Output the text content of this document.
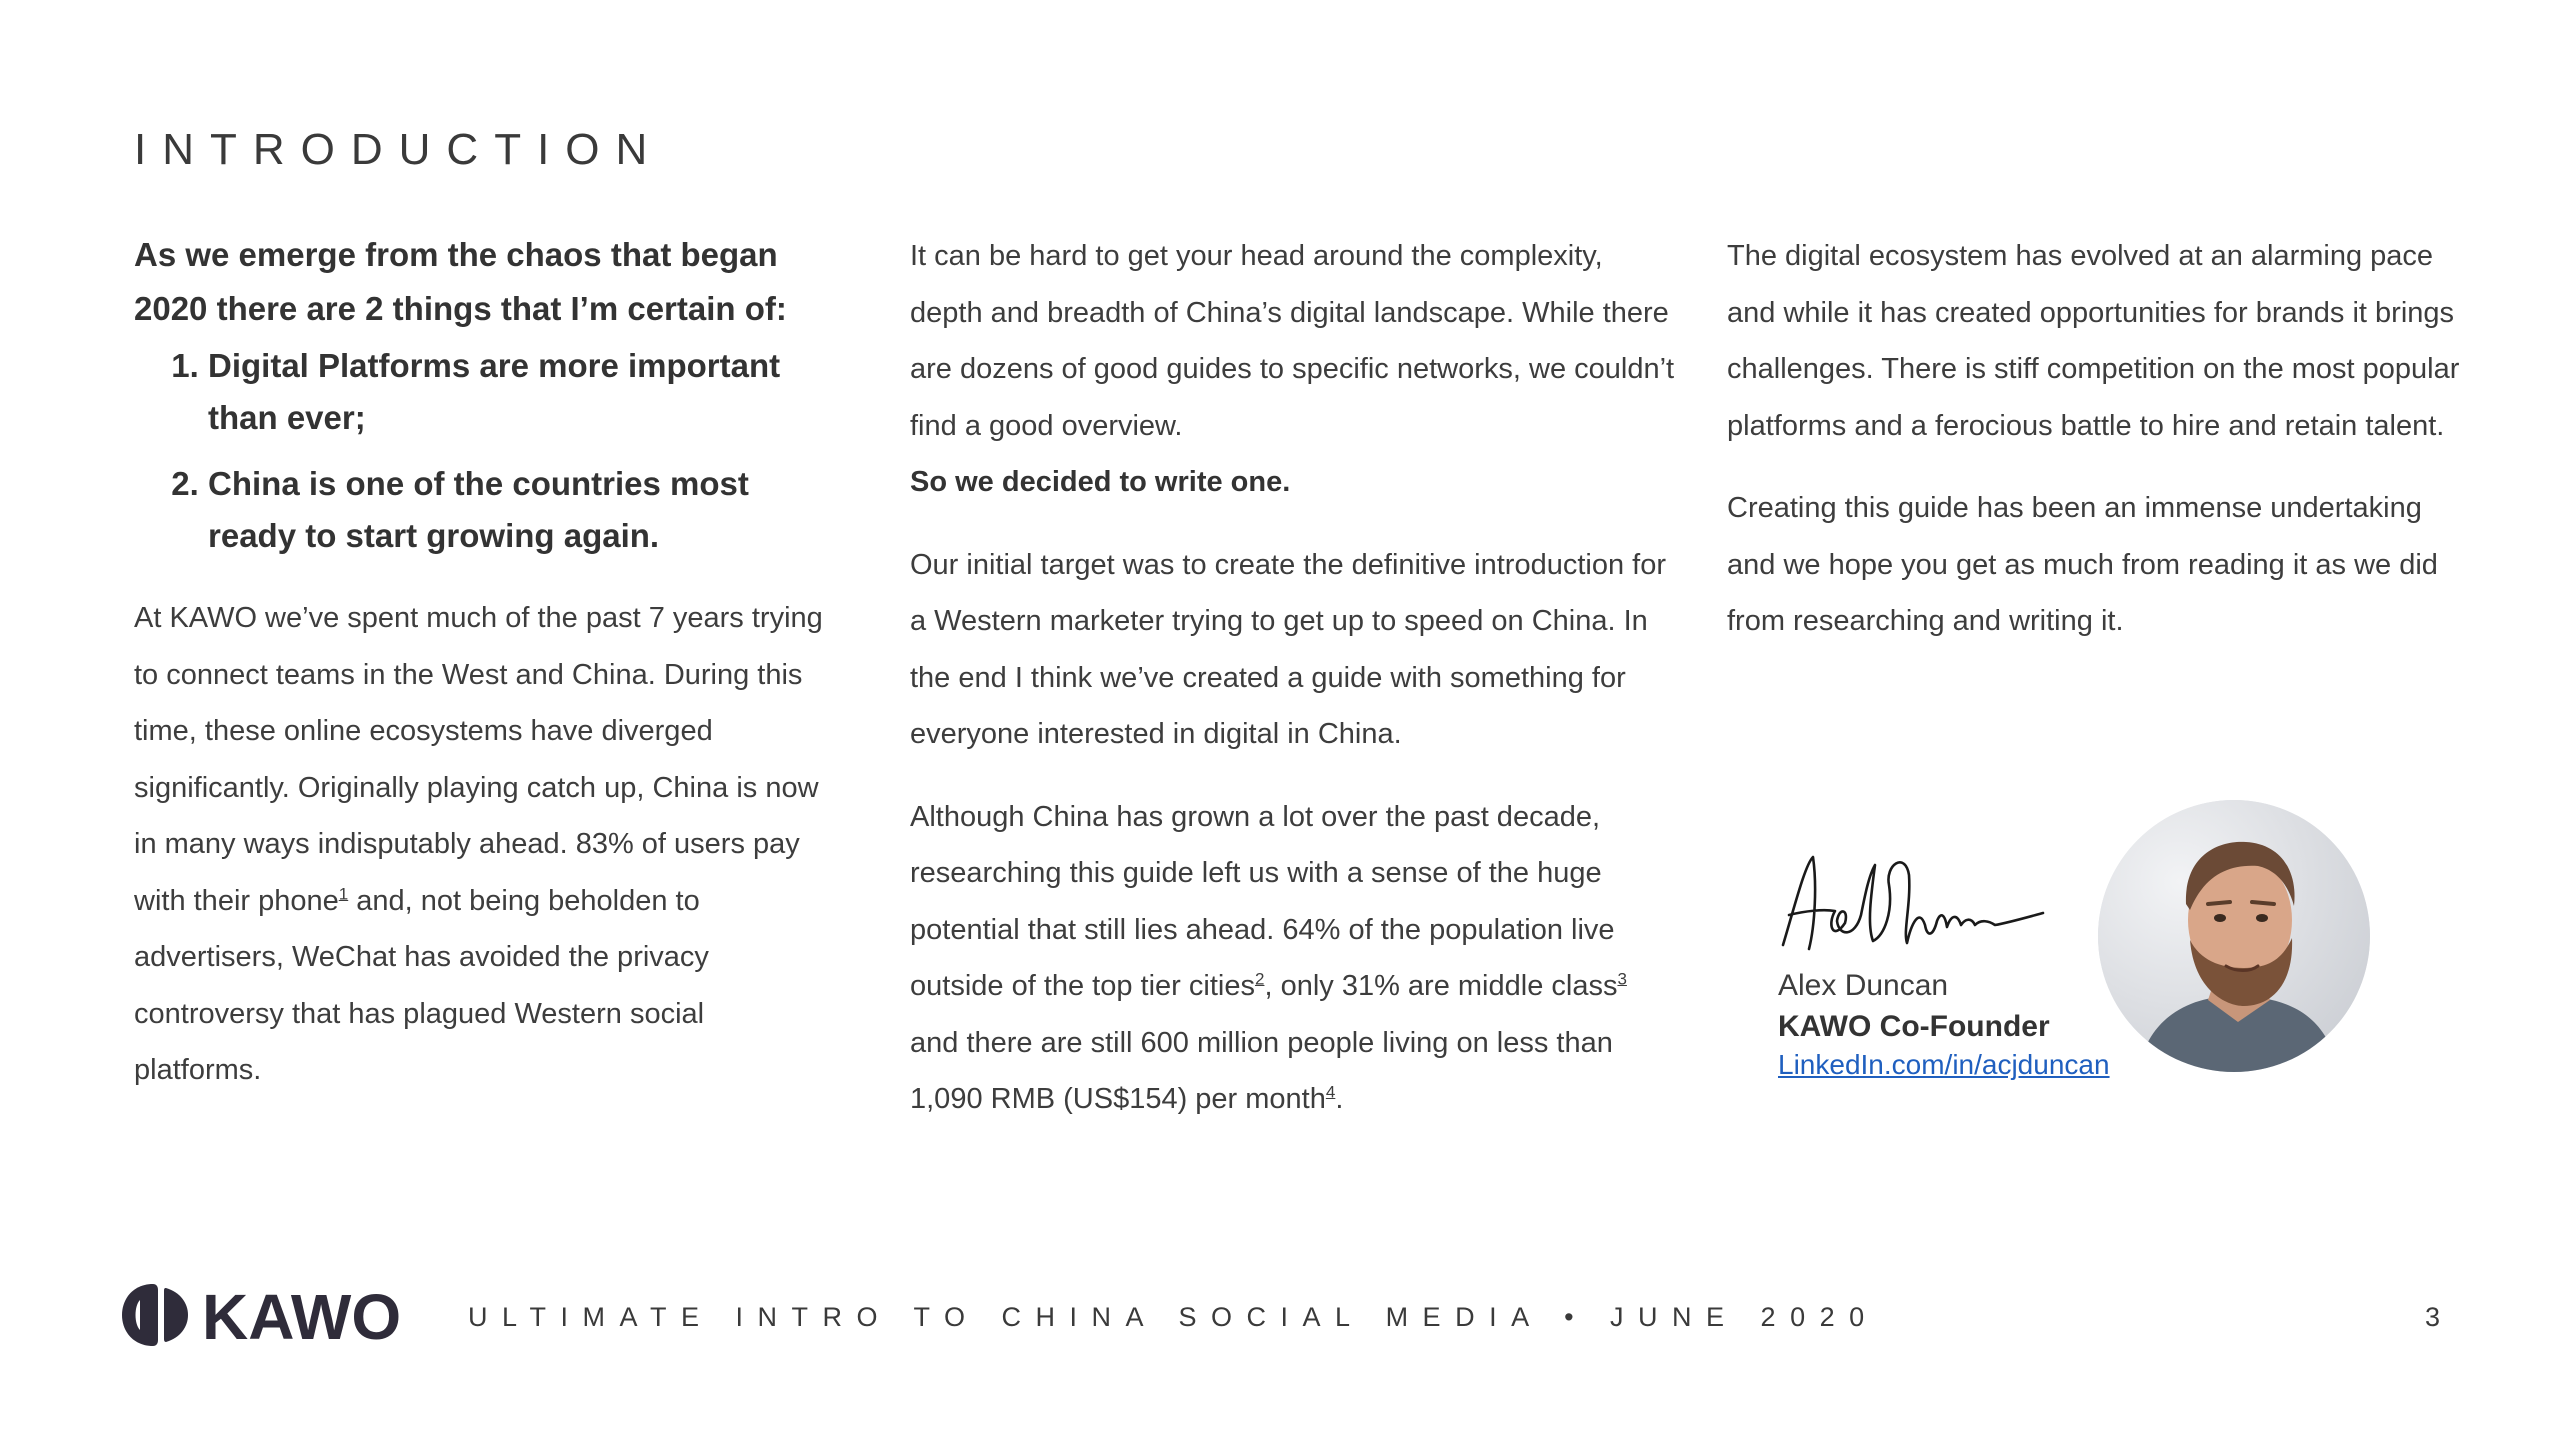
INTRODUCTION

As we emerge from the chaos that began 2020 there are 2 things that I’m certain of:

1. Digital Platforms are more important than ever;
2. China is one of the countries most ready to start growing again.

At KAWO we’ve spent much of the past 7 years trying to connect teams in the West and China. During this time, these online ecosystems have diverged significantly. Originally playing catch up, China is now in many ways indisputably ahead. 83% of users pay with their phone$^1$ and, not being beholden to advertisers, WeChat has avoided the privacy controversy that has plagued Western social platforms.

It can be hard to get your head around the complexity, depth and breadth of China’s digital landscape. While there are dozens of good guides to specific networks, we couldn’t find a good overview.
So we decided to write one.

Our initial target was to create the definitive introduction for a Western marketer trying to get up to speed on China. In the end I think we’ve created a guide with something for everyone interested in digital in China.

Although China has grown a lot over the past decade, researching this guide left us with a sense of the huge potential that still lies ahead. 64% of the population live outside of the top tier cities$^2$, only 31% are middle class$^3$ and there are still 600 million people living on less than 1,090 RMB (US$154) per month$^4$.

The digital ecosystem has evolved at an alarming pace and while it has created opportunities for brands it brings challenges. There is stiff competition on the most popular platforms and a ferocious battle to hire and retain talent.

Creating this guide has been an immense undertaking and we hope you get as much from reading it as we did from researching and writing it.

Alex Duncan
KAWO Co-Founder
LinkedIn.com/in/acjduncan
KAWO ULTIMATE INTRO TO CHINA SOCIAL MEDIA • JUNE 2020	3
